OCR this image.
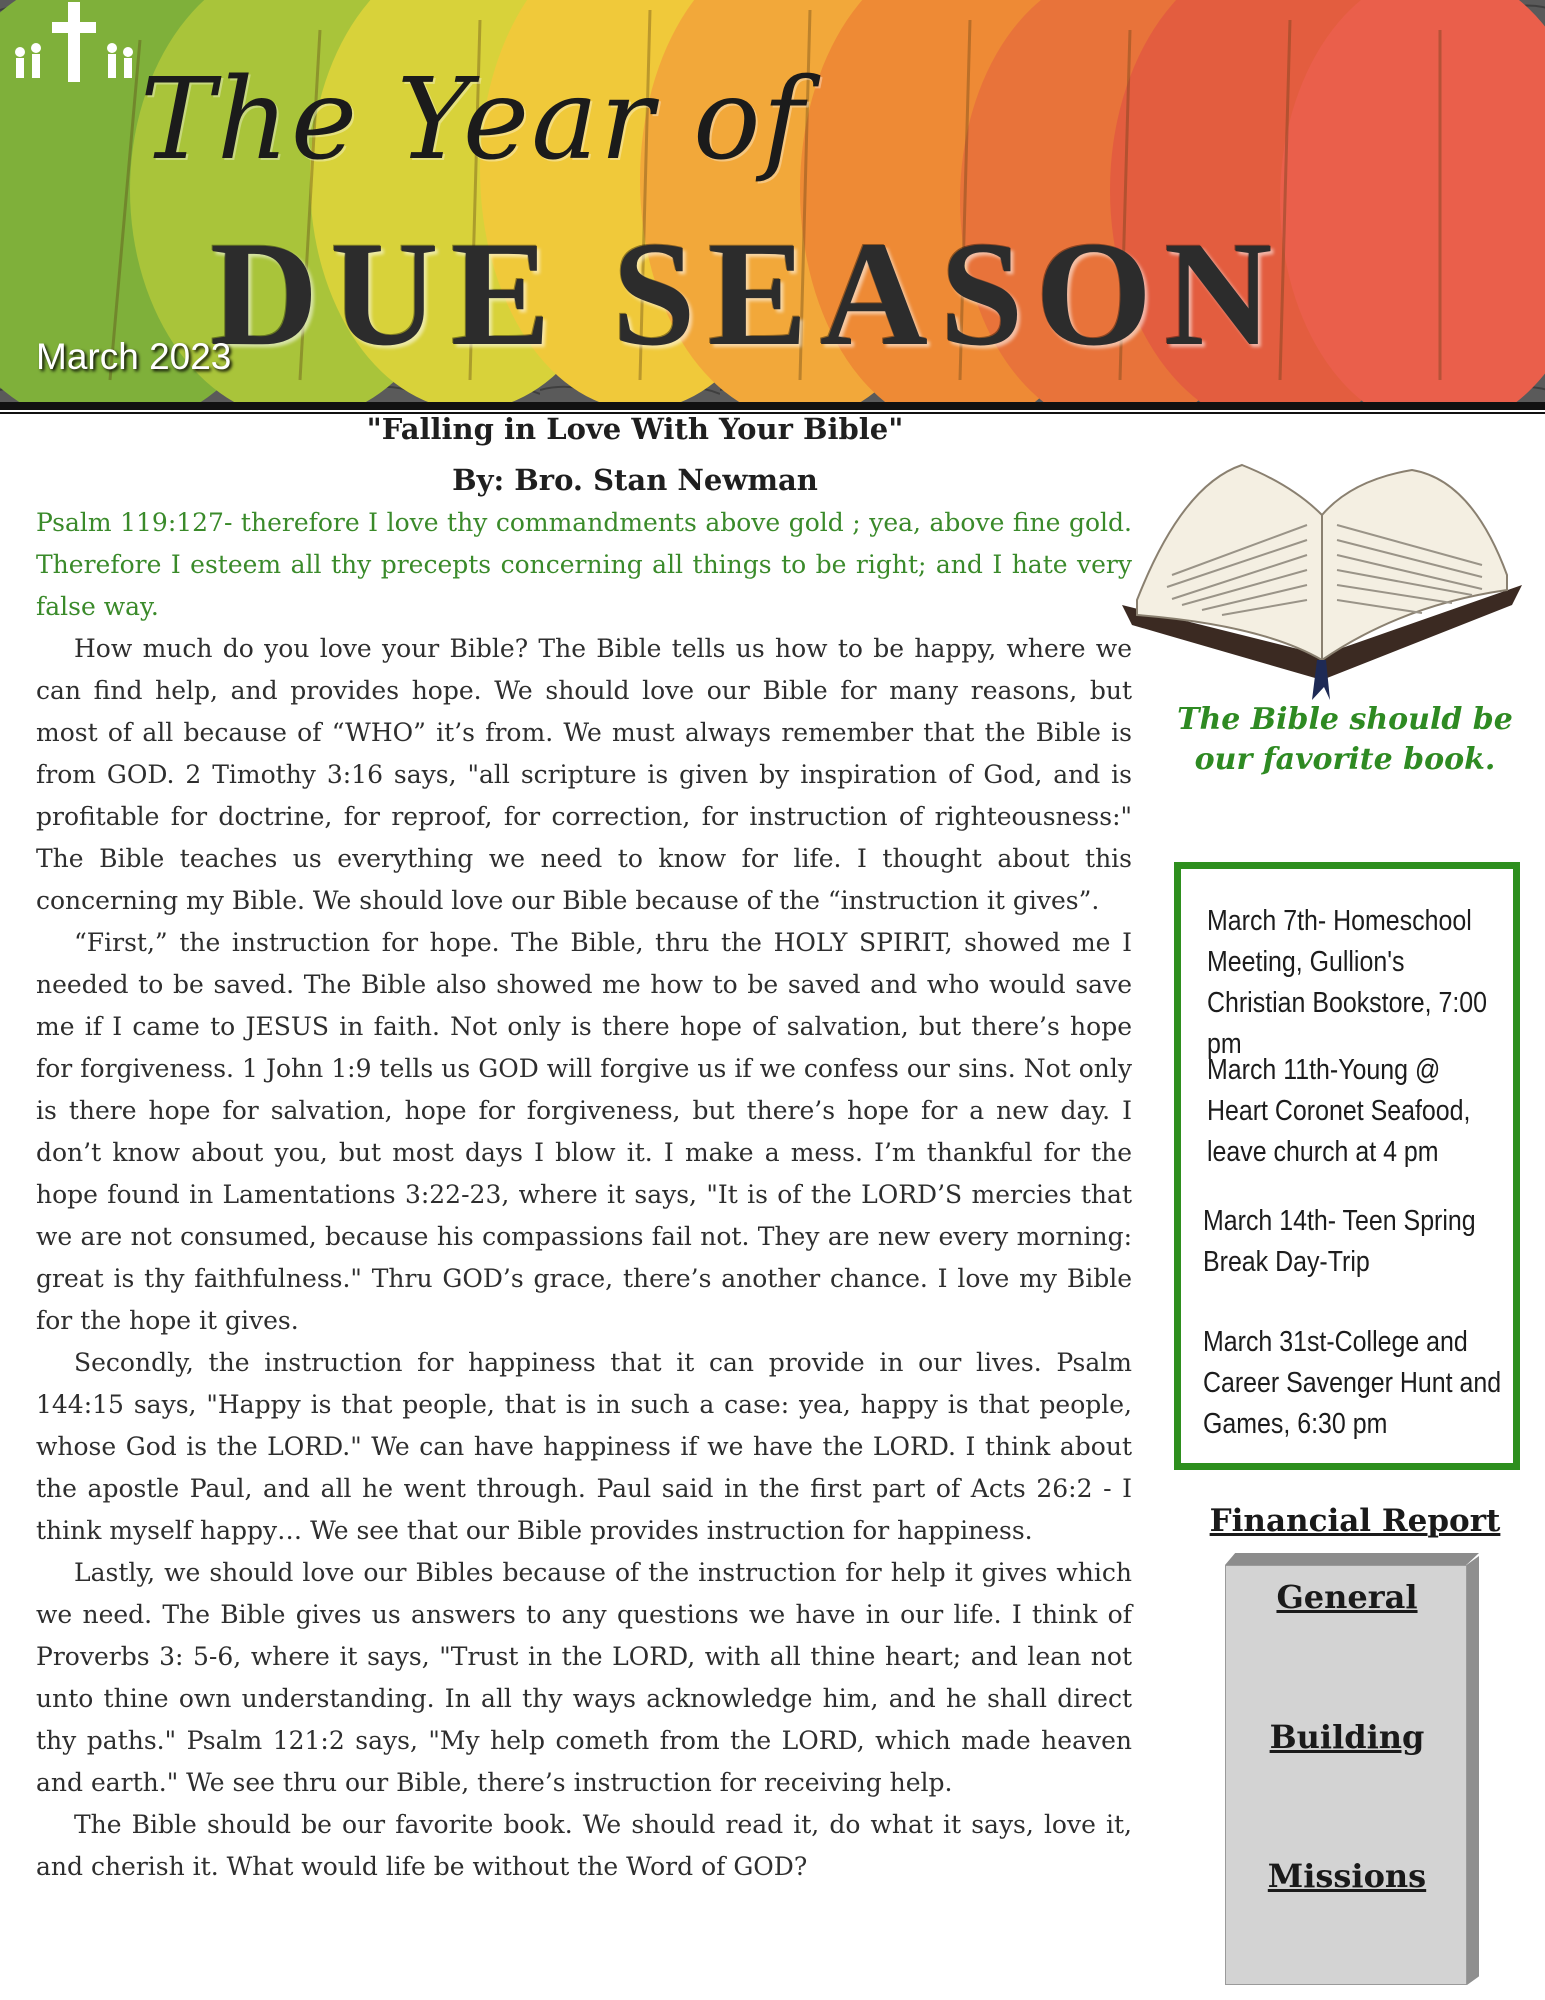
The Year of
DUE SEASON
March 2023
"Falling in Love With Your Bible"
By: Bro. Stan Newman

Psalm 119:127- therefore I love thy commandments above gold ; yea, above fine gold. Therefore I esteem all thy precepts concerning all things to be right; and I hate very false way.

How much do you love your Bible? The Bible tells us how to be happy, where we can find help, and provides hope. We should love our Bible for many reasons, but most of all because of “WHO” it’s from. We must always remember that the Bible is from GOD. 2 Timothy 3:16 says, "all scripture is given by inspiration of God, and is profitable for doctrine, for reproof, for correction, for instruction of righteousness:" The Bible teaches us everything we need to know for life. I thought about this concerning my Bible. We should love our Bible because of the “instruction it gives”.

“First,” the instruction for hope. The Bible, thru the HOLY SPIRIT, showed me I needed to be saved. The Bible also showed me how to be saved and who would save me if I came to JESUS in faith. Not only is there hope of salvation, but there’s hope for forgiveness. 1 John 1:9 tells us GOD will forgive us if we confess our sins. Not only is there hope for salvation, hope for forgiveness, but there’s hope for a new day. I don’t know about you, but most days I blow it. I make a mess. I’m thankful for the hope found in Lamentations 3:22-23, where it says, "It is of the LORD’S mercies that we are not consumed, because his compassions fail not. They are new every morning: great is thy faithfulness." Thru GOD’s grace, there’s another chance. I love my Bible for the hope it gives.

Secondly, the instruction for happiness that it can provide in our lives. Psalm 144:15 says, "Happy is that people, that is in such a case: yea, happy is that people, whose God is the LORD." We can have happiness if we have the LORD. I think about the apostle Paul, and all he went through. Paul said in the first part of Acts 26:2 - I think myself happy… We see that our Bible provides instruction for happiness.

Lastly, we should love our Bibles because of the instruction for help it gives which we need. The Bible gives us answers to any questions we have in our life. I think of Proverbs 3: 5-6, where it says, "Trust in the LORD, with all thine heart; and lean not unto thine own understanding. In all thy ways acknowledge him, and he shall direct thy paths." Psalm 121:2 says, "My help cometh from the LORD, which made heaven and earth." We see thru our Bible, there’s instruction for receiving help.

The Bible should be our favorite book. We should read it, do what it says, love it, and cherish it. What would life be without the Word of GOD?

The Bible should be
our favorite book.
March 7th- Homeschool Meeting, Gullion's Christian Bookstore, 7:00 pm
March 11th-Young @ Heart Coronet Seafood, leave church at 4 pm
March 14th- Teen Spring Break Day-Trip
March 31st-College and Career Savenger Hunt and Games, 6:30 pm
Financial Report
General
Building
Missions
